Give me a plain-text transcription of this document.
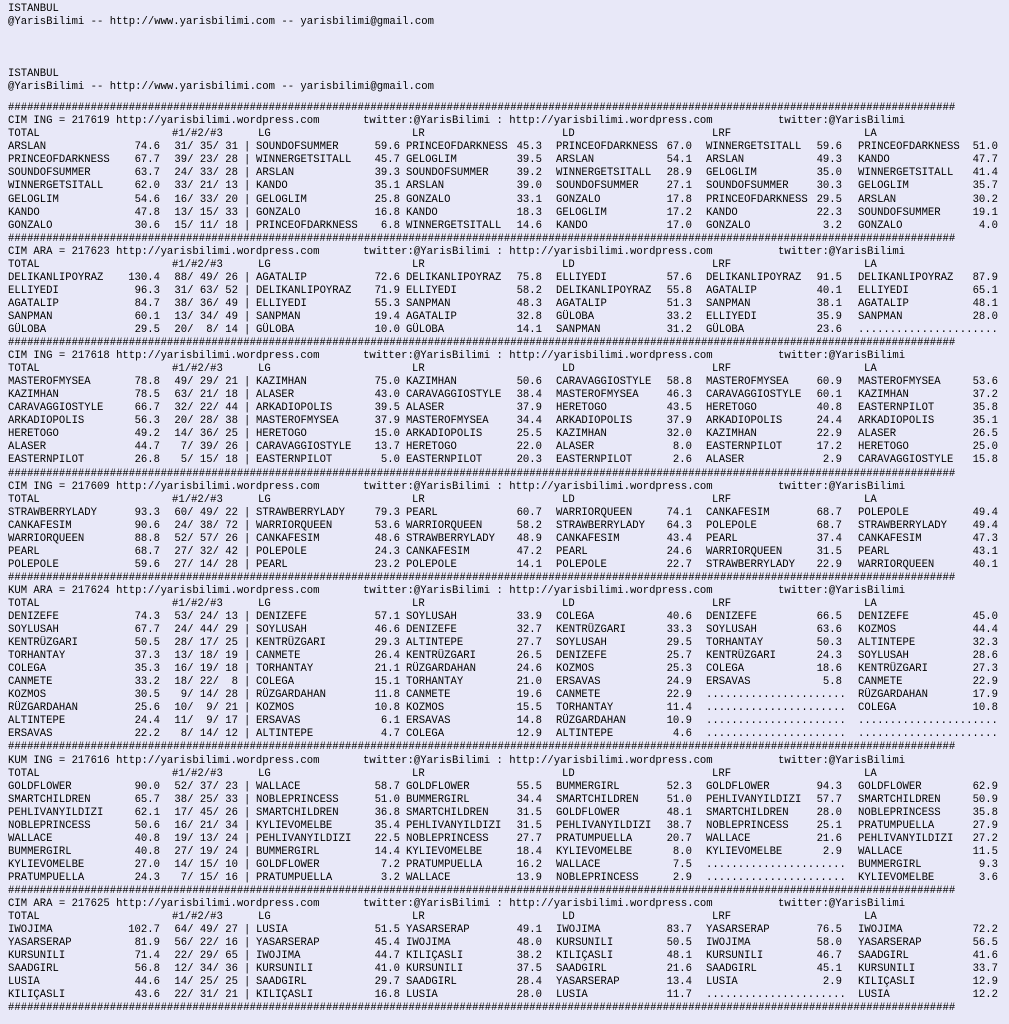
ISTANBUL
@YarisBilimi -- http://www.yarisbilimi.com -- yarisbilimi@gmail.com
ISTANBUL
@YarisBilimi -- http://www.yarisbilimi.com -- yarisbilimi@gmail.com
#####################################################################################################################################################
CIM ING = 217619 http://yarisbilimi.wordpress.com	twitter:@YarisBilimi : http://yarisbilimi.wordpress.com	twitter:@YarisBilimi
TOTAL	#1/#2/#3	LG	LR	LD	LRF	LA
ARSLAN	74.6	31/ 35/ 31 | SOUNDOFSUMMER	59.6 PRINCEOFDARKNESS 45.3 PRINCEOFDARKNESS 67.0 WINNERGETSITALL	59.6 PRINCEOFDARKNESS	51.0
PRINCEOFDARKNESS	67.7	39/ 23/ 28 | WINNERGETSITALL	45.7 GELOGLIM	39.5 ARSLAN	54.1 ARSLAN	49.3 KANDO	47.7
SOUNDOFSUMMER	63.7	24/ 33/ 28 | ARSLAN	39.3 SOUNDOFSUMMER	39.2 WINNERGETSITALL	28.9 GELOGLIM	35.0 WINNERGETSITALL	41.4
WINNERGETSITALL	62.0	33/ 21/ 13 | KANDO	35.1 ARSLAN	39.0 SOUNDOFSUMMER	27.1 SOUNDOFSUMMER	30.3 GELOGLIM	35.7
GELOGLIM	54.6	16/ 33/ 20 | GELOGLIM	25.8 GONZALO	33.1 GONZALO	17.8 PRINCEOFDARKNESS 29.5 ARSLAN	30.2
KANDO	47.8	13/ 15/ 33 | GONZALO	16.8 KANDO	18.3 GELOGLIM	17.2 KANDO	22.3 SOUNDOFSUMMER	19.1
GONZALO	30.6	15/ 11/ 18 | PRINCEOFDARKNESS	6.8 WINNERGETSITALL	14.6 KANDO	17.0 GONZALO	3.2 GONZALO	4.0
#####################################################################################################################################################
CIM ARA = 217623 http://yarisbilimi.wordpress.com	twitter:@YarisBilimi : http://yarisbilimi.wordpress.com	twitter:@YarisBilimi
TOTAL	#1/#2/#3	LG	LR	LD	LRF	LA
DELIKANLIPOYRAZ	130.4	88/ 49/ 26 | AGATALIP	72.6 DELIKANLIPOYRAZ	75.8 ELLIYEDI	57.6 DELIKANLIPOYRAZ	91.5 DELIKANLIPOYRAZ	87.9
ELLIYEDI	96.3	31/ 63/ 52 | DELIKANLIPOYRAZ	71.9 ELLIYEDI	58.2 DELIKANLIPOYRAZ	55.8 AGATALIP	40.1 ELLIYEDI	65.1
AGATALIP	84.7	38/ 36/ 49 | ELLIYEDI	55.3 SANPMAN	48.3 AGATALIP	51.3 SANPMAN	38.1 AGATALIP	48.1
SANPMAN	60.1	13/ 34/ 49 | SANPMAN	19.4 AGATALIP	32.8 GÜLOBA	33.2 ELLIYEDI	35.9 SANPMAN	28.0
GÜLOBA	29.5	20/  8/ 14 | GÜLOBA	10.0 GÜLOBA	14.1 SANPMAN	31.2 GÜLOBA	23.6 ......................
#####################################################################################################################################################
CIM ING = 217618 http://yarisbilimi.wordpress.com	twitter:@YarisBilimi : http://yarisbilimi.wordpress.com	twitter:@YarisBilimi
TOTAL	#1/#2/#3	LG	LR	LD	LRF	LA
MASTEROFMYSEA	78.8	49/ 29/ 21 | KAZIMHAN	75.0 KAZIMHAN	50.6 CARAVAGGIOSTYLE	58.8 MASTEROFMYSEA	60.9 MASTEROFMYSEA	53.6
KAZIMHAN	78.5	63/ 21/ 18 | ALASER	43.0 CARAVAGGIOSTYLE	38.4 MASTEROFMYSEA	46.3 CARAVAGGIOSTYLE	60.1 KAZIMHAN	37.2
CARAVAGGIOSTYLE	66.7	32/ 22/ 44 | ARKADIOPOLIS	39.5 ALASER	37.9 HERETOGO	43.5 HERETOGO	40.8 EASTERNPILOT	35.8
ARKADIOPOLIS	56.3	20/ 28/ 38 | MASTEROFMYSEA	37.9 MASTEROFMYSEA	34.4 ARKADIOPOLIS	37.9 ARKADIOPOLIS	24.4 ARKADIOPOLIS	35.1
HERETOGO	49.2	14/ 36/ 25 | HERETOGO	15.0 ARKADIOPOLIS	25.5 KAZIMHAN	32.0 KAZIMHAN	22.9 ALASER	26.5
ALASER	44.7	7/ 39/ 26 | CARAVAGGIOSTYLE	13.7 HERETOGO	22.0 ALASER	8.0 EASTERNPILOT	17.2 HERETOGO	25.0
EASTERNPILOT	26.8	5/ 15/ 18 | EASTERNPILOT	5.0 EASTERNPILOT	20.3 EASTERNPILOT	2.6 ALASER	2.9 CARAVAGGIOSTYLE	15.8
#####################################################################################################################################################
CIM ING = 217609 http://yarisbilimi.wordpress.com	twitter:@YarisBilimi : http://yarisbilimi.wordpress.com	twitter:@YarisBilimi
TOTAL	#1/#2/#3	LG	LR	LD	LRF	LA
STRAWBERRYLADY	93.3	60/ 49/ 22 | STRAWBERRYLADY	79.3 PEARL	60.7 WARRIORQUEEN	74.1 CANKAFESIM	68.7 POLEPOLE	49.4
CANKAFESIM	90.6	24/ 38/ 72 | WARRIORQUEEN	53.6 WARRIORQUEEN	58.2 STRAWBERRYLADY	64.3 POLEPOLE	68.7 STRAWBERRYLADY	49.4
WARRIORQUEEN	88.8	52/ 57/ 26 | CANKAFESIM	48.6 STRAWBERRYLADY	48.9 CANKAFESIM	43.4 PEARL	37.4 CANKAFESIM	47.3
PEARL	68.7	27/ 32/ 42 | POLEPOLE	24.3 CANKAFESIM	47.2 PEARL	24.6 WARRIORQUEEN	31.5 PEARL	43.1
POLEPOLE	59.6	27/ 14/ 28 | PEARL	23.2 POLEPOLE	14.1 POLEPOLE	22.7 STRAWBERRYLADY	22.9 WARRIORQUEEN	40.1
#####################################################################################################################################################
KUM ARA = 217624 http://yarisbilimi.wordpress.com	twitter:@YarisBilimi : http://yarisbilimi.wordpress.com	twitter:@YarisBilimi
TOTAL	#1/#2/#3	LG	LR	LD	LRF	LA
DENIZEFE	74.3	53/ 24/ 13 | DENIZEFE	57.1 SOYLUSAH	33.9 COLEGA	40.6 DENIZEFE	66.5 DENIZEFE	45.0
SOYLUSAH	67.7	24/ 44/ 29 | SOYLUSAH	46.6 DENIZEFE	32.7 KENTRÜZGARI	33.3 SOYLUSAH	63.6 KOZMOS	44.4
KENTRÜZGARI	50.5	28/ 17/ 25 | KENTRÜZGARI	29.3 ALTINTEPE	27.7 SOYLUSAH	29.5 TORHANTAY	50.3 ALTINTEPE	32.3
TORHANTAY	37.3	13/ 18/ 19 | CANMETE	26.4 KENTRÜZGARI	26.5 DENIZEFE	25.7 KENTRÜZGARI	24.3 SOYLUSAH	28.6
COLEGA	35.3	16/ 19/ 18 | TORHANTAY	21.1 RÜZGARDAHAN	24.6 KOZMOS	25.3 COLEGA	18.6 KENTRÜZGARI	27.3
CANMETE	33.2	18/ 22/  8 | COLEGA	15.1 TORHANTAY	21.0 ERSAVAS	24.9 ERSAVAS	5.8 CANMETE	22.9
KOZMOS	30.5	9/ 14/ 28 | RÜZGARDAHAN	11.8 CANMETE	19.6 CANMETE	22.9 ...................... RÜZGARDAHAN	17.9
RÜZGARDAHAN	25.6	10/  9/ 21 | KOZMOS	10.8 KOZMOS	15.5 TORHANTAY	11.4 ...................... COLEGA	10.8
ALTINTEPE	24.4	11/  9/ 17 | ERSAVAS	6.1 ERSAVAS	14.8 RÜZGARDAHAN	10.9 ...................... ......................
ERSAVAS	22.2	8/ 14/ 12 | ALTINTEPE	4.7 COLEGA	12.9 ALTINTEPE	4.6 ...................... ......................
#####################################################################################################################################################
KUM ING = 217616 http://yarisbilimi.wordpress.com	twitter:@YarisBilimi : http://yarisbilimi.wordpress.com	twitter:@YarisBilimi
TOTAL	#1/#2/#3	LG	LR	LD	LRF	LA
GOLDFLOWER	90.0	52/ 37/ 23 | WALLACE	58.7 GOLDFLOWER	55.5 BUMMERGIRL	52.3 GOLDFLOWER	94.3 GOLDFLOWER	62.9
SMARTCHILDREN	65.7	38/ 25/ 33 | NOBLEPRINCESS	51.0 BUMMERGIRL	34.4 SMARTCHILDREN	51.0 PEHLIVANYILDIZI	57.7 SMARTCHILDREN	50.9
PEHLIVANYILDIZI	62.1	17/ 45/ 26 | SMARTCHILDREN	36.8 SMARTCHILDREN	31.5 GOLDFLOWER	48.1 SMARTCHILDREN	28.0 NOBLEPRINCESS	35.8
NOBLEPRINCESS	50.6	16/ 21/ 34 | KYLIEVOMELBE	35.4 PEHLIVANYILDIZI	31.5 PEHLIVANYILDIZI	38.7 NOBLEPRINCESS	25.1 PRATUMPUELLA	27.9
WALLACE	40.8	19/ 13/ 24 | PEHLIVANYILDIZI	22.5 NOBLEPRINCESS	27.7 PRATUMPUELLA	20.7 WALLACE	21.6 PEHLIVANYILDIZI	27.2
BUMMERGIRL	40.8	27/ 19/ 24 | BUMMERGIRL	14.4 KYLIEVOMELBE	18.4 KYLIEVOMELBE	8.0 KYLIEVOMELBE	2.9 WALLACE	11.5
KYLIEVOMELBE	27.0	14/ 15/ 10 | GOLDFLOWER	7.2 PRATUMPUELLA	16.2 WALLACE	7.5 ...................... BUMMERGIRL	9.3
PRATUMPUELLA	24.3	7/ 15/ 16 | PRATUMPUELLA	3.2 WALLACE	13.9 NOBLEPRINCESS	2.9 ...................... KYLIEVOMELBE	3.6
#####################################################################################################################################################
CIM ARA = 217625 http://yarisbilimi.wordpress.com	twitter:@YarisBilimi : http://yarisbilimi.wordpress.com	twitter:@YarisBilimi
TOTAL	#1/#2/#3	LG	LR	LD	LRF	LA
IWOJIMA	102.7	64/ 49/ 27 | LUSIA	51.5 YASARSERAP	49.1 IWOJIMA	83.7 YASARSERAP	76.5 IWOJIMA	72.2
YASARSERAP	81.9	56/ 22/ 16 | YASARSERAP	45.4 IWOJIMA	48.0 KURSUNILI	50.5 IWOJIMA	58.0 YASARSERAP	56.5
KURSUNILI	71.4	22/ 29/ 65 | IWOJIMA	44.7 KILIÇASLI	38.2 KILIÇASLI	48.1 KURSUNILI	46.7 SAADGIRL	41.6
SAADGIRL	56.8	12/ 34/ 36 | KURSUNILI	41.0 KURSUNILI	37.5 SAADGIRL	21.6 SAADGIRL	45.1 KURSUNILI	33.7
LUSIA	44.6	14/ 25/ 25 | SAADGIRL	29.7 SAADGIRL	28.4 YASARSERAP	13.4 LUSIA	2.9 KILIÇASLI	12.9
KILIÇASLI	43.6	22/ 31/ 21 | KILIÇASLI	16.8 LUSIA	28.0 LUSIA	11.7 ...................... LUSIA	12.2
#####################################################################################################################################################
